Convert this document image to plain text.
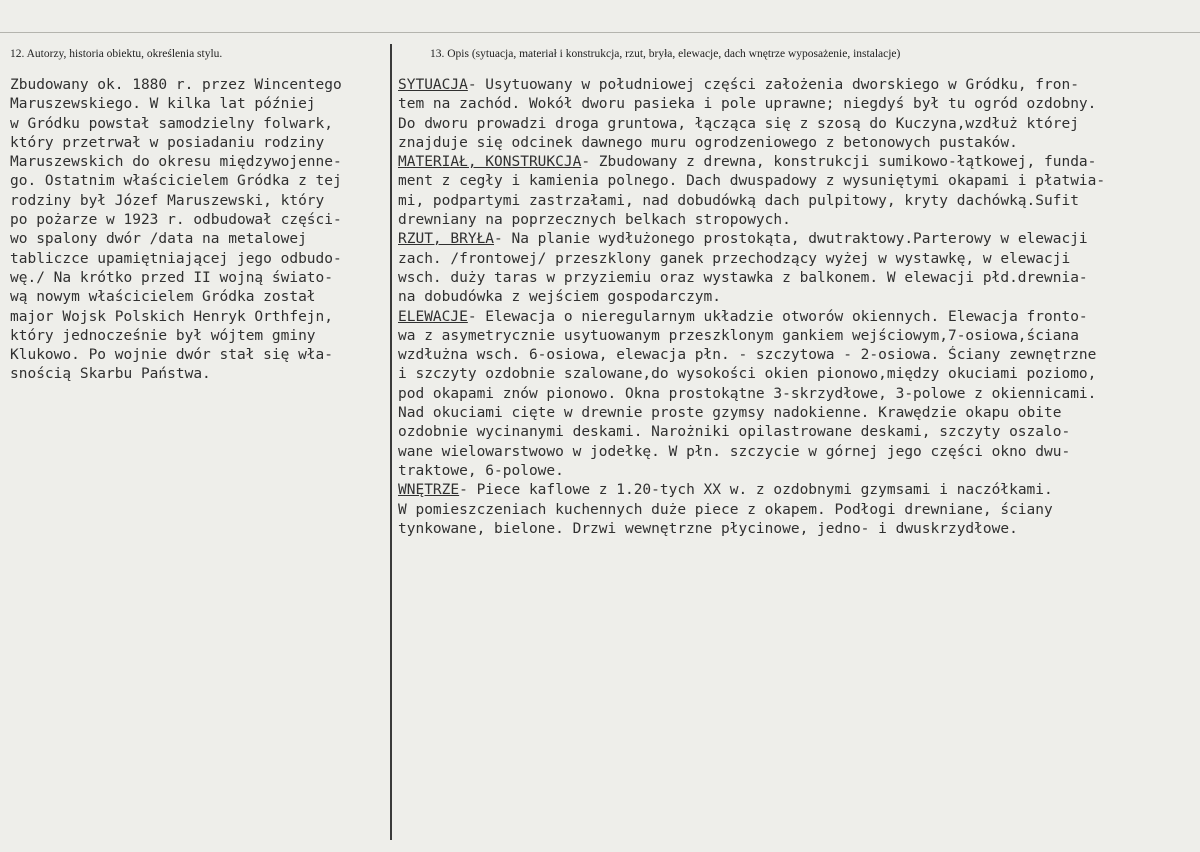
12. Autorzy, historia obiektu, określenia stylu.	13. Opis (sytuacja, materiał i konstrukcja, rzut, bryła, elewacje, dach wnętrze wyposażenie, instalacje)
Zbudowany ok. 1880 r. przez Wincentego
Maruszewskiego. W kilka lat później
w Gródku powstał samodzielny folwark,
który przetrwał w posiadaniu rodziny
Maruszewskich do okresu międzywojenne-
go. Ostatnim właścicielem Gródka z tej
rodziny był Józef Maruszewski, który
po pożarze w 1923 r. odbudował części-
wo spalony dwór /data na metalowej
tabliczce upamiętniającej jego odbudo-
wę./ Na krótko przed II wojną świato-
wą nowym właścicielem Gródka został
major Wojsk Polskich Henryk Orthfejn,
który jednocześnie był wójtem gminy
Klukowo. Po wojnie dwór stał się wła-
snością Skarbu Państwa.
SYTUACJA- Usytuowany w południowej części założenia dworskiego w Gródku, fron-
tem na zachód. Wokół dworu pasieka i pole uprawne; niegdyś był tu ogród ozdobny.
Do dworu prowadzi droga gruntowa, łącząca się z szosą do Kuczyna,wzdłuż której
znajduje się odcinek dawnego muru ogrodzeniowego z betonowych pustaków.
MATERIAŁ, KONSTRUKCJA- Zbudowany z drewna, konstrukcji sumikowo-łątkowej, funda-
ment z cegły i kamienia polnego. Dach dwuspadowy z wysuniętymi okapami i płatwia-
mi, podpartymi zastrzałami, nad dobudówką dach pulpitowy, kryty dachówką.Sufit
drewniany na poprzecznych belkach stropowych.
RZUT, BRYŁA- Na planie wydłużonego prostokąta, dwutraktowy.Parterowy w elewacji
zach. /frontowej/ przeszklony ganek przechodzący wyżej w wystawkę, w elewacji
wsch. duży taras w przyziemiu oraz wystawka z balkonem. W elewacji płd.drewnia-
na dobudówka z wejściem gospodarczym.
ELEWACJE- Elewacja o nieregularnym układzie otworów okiennych. Elewacja fronto-
wa z asymetrycznie usytuowanym przeszklonym gankiem wejściowym,7-osiowa,ściana
wzdłużna wsch. 6-osiowa, elewacja płn. - szczytowa - 2-osiowa. Ściany zewnętrzne
i szczyty ozdobnie szalowane,do wysokości okien pionowo,między okuciami poziomo,
pod okapami znów pionowo. Okna prostokątne 3-skrzydłowe, 3-polowe z okiennicami.
Nad okuciami cięte w drewnie proste gzymsy nadokienne. Krawędzie okapu obite
ozdobnie wycinanymi deskami. Narożniki opilastrowane deskami, szczyty oszalo-
wane wielowarstwowo w jodełkę. W płn. szczycie w górnej jego części okno dwu-
traktowe, 6-polowe.
WNĘTRZE- Piece kaflowe z 1.20-tych XX w. z ozdobnymi gzymsami i naczółkami.
W pomieszczeniach kuchennych duże piece z okapem. Podłogi drewniane, ściany
tynkowane, bielone. Drzwi wewnętrzne płycinowe, jedno- i dwuskrzydłowe.
